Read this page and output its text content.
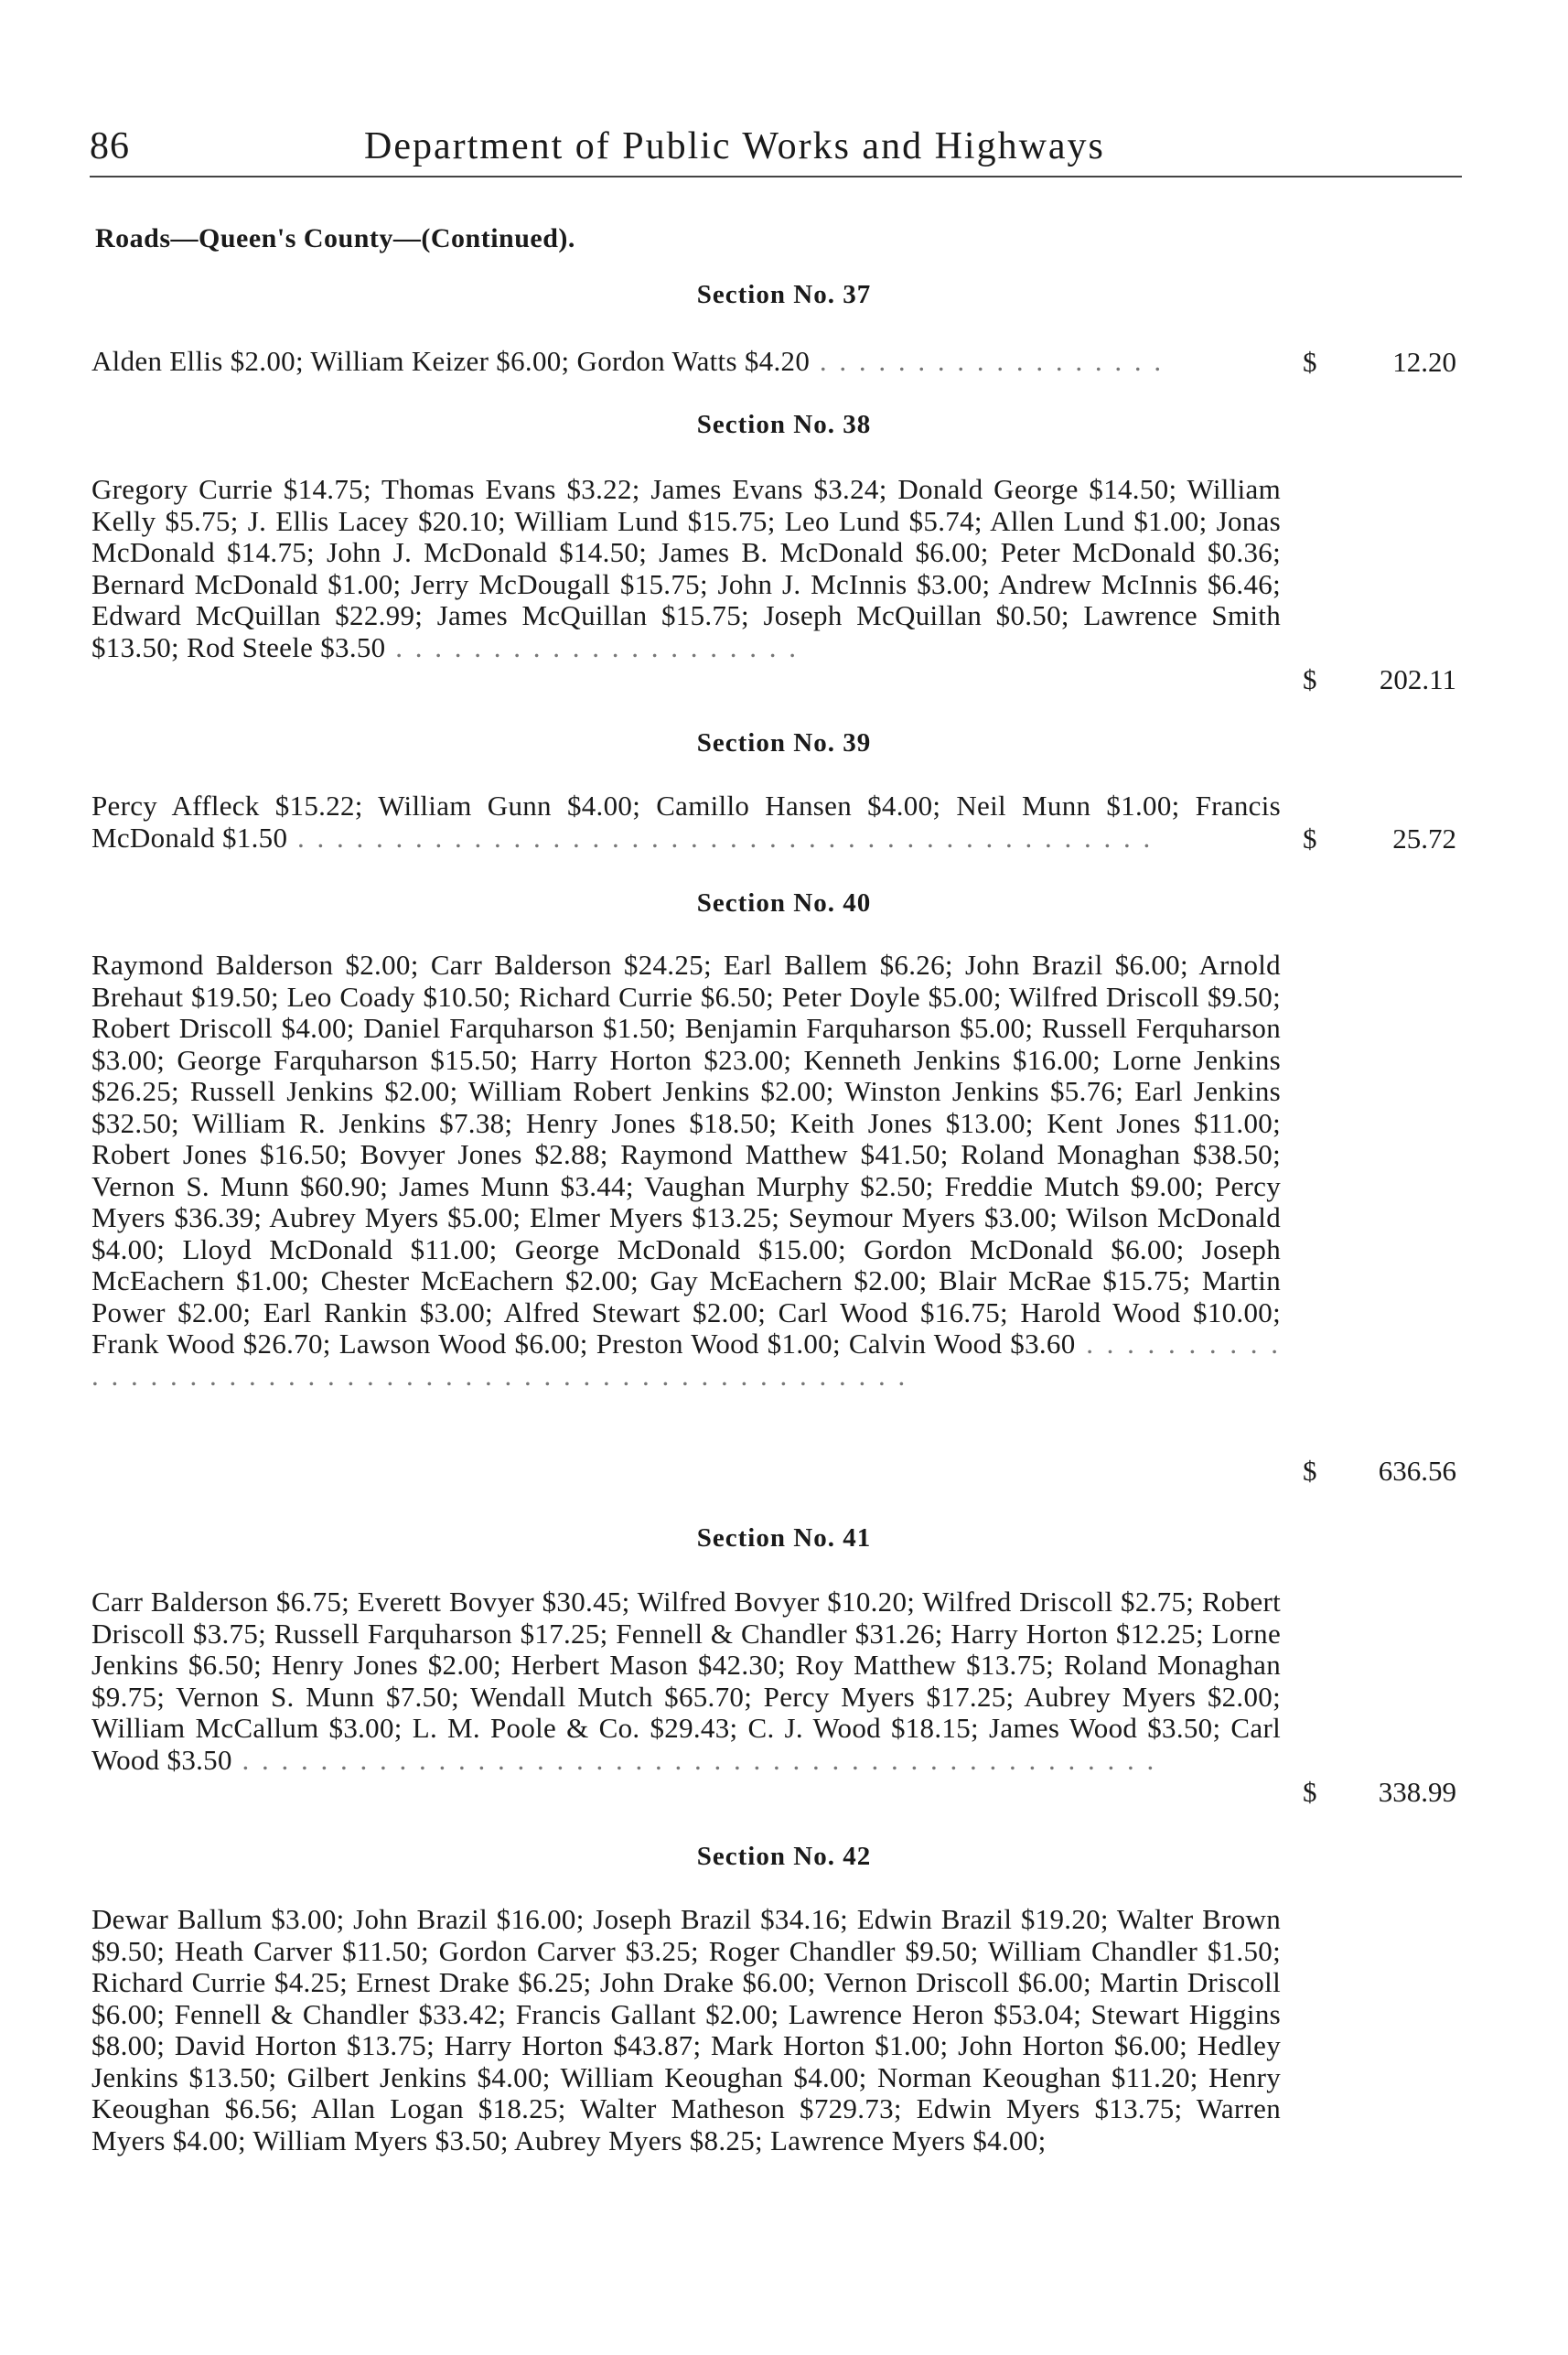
86	Department of Public Works and Highways
Roads—Queen's County—(Continued).
Section No. 37
Alden Ellis $2.00; William Keizer $6.00; Gordon Watts $4.20 . . . . . . . . . . . . . . . . . .	$	12.20
Section No. 38
Gregory Currie $14.75; Thomas Evans $3.22; James Evans $3.24; Donald George $14.50; William Kelly $5.75; J. Ellis Lacey $20.10; William Lund $15.75; Leo Lund $5.74; Allen Lund $1.00; Jonas McDonald $14.75; John J. McDonald $14.50; James B. McDonald $6.00; Peter McDonald $0.36; Bernard McDonald $1.00; Jerry McDougall $15.75; John J. McInnis $3.00; Andrew McInnis $6.46; Edward McQuillan $22.99; James McQuillan $15.75; Joseph McQuillan $0.50; Lawrence Smith $13.50; Rod Steele $3.50 . . . . . . . . . . . . . . . . . . . . .
$	202.11
Section No. 39
Percy Affleck $15.22; William Gunn $4.00; Camillo Hansen $4.00; Neil Munn $1.00; Francis McDonald $1.50 . . . . . . . . . . . . . . . . . . . . . . . . . . . . . . . . . . . . . . . . . . . .	$	25.72
Section No. 40
Raymond Balderson $2.00; Carr Balderson $24.25; Earl Ballem $6.26; John Brazil $6.00; Arnold Brehaut $19.50; Leo Coady $10.50; Richard Currie $6.50; Peter Doyle $5.00; Wilfred Driscoll $9.50; Robert Driscoll $4.00; Daniel Farquharson $1.50; Benjamin Farquharson $5.00; Russell Ferquharson $3.00; George Farquharson $15.50; Harry Horton $23.00; Kenneth Jenkins $16.00; Lorne Jenkins $26.25; Russell Jenkins $2.00; William Robert Jenkins $2.00; Winston Jenkins $5.76; Earl Jenkins $32.50; William R. Jenkins $7.38; Henry Jones $18.50; Keith Jones $13.00; Kent Jones $11.00; Robert Jones $16.50; Bovyer Jones $2.88; Raymond Matthew $41.50; Roland Monaghan $38.50; Vernon S. Munn $60.90; James Munn $3.44; Vaughan Murphy $2.50; Freddie Mutch $9.00; Percy Myers $36.39; Aubrey Myers $5.00; Elmer Myers $13.25; Seymour Myers $3.00; Wilson McDonald $4.00; Lloyd McDonald $11.00; George McDonald $15.00; Gordon McDonald $6.00; Joseph McEachern $1.00; Chester McEachern $2.00; Gay McEachern $2.00; Blair McRae $15.75; Martin Power $2.00; Earl Rankin $3.00; Alfred Stewart $2.00; Carl Wood $16.75; Harold Wood $10.00; Frank Wood $26.70; Lawson Wood $6.00; Preston Wood $1.00; Calvin Wood $3.60 . . . . . . . . . . . . . . . . . . . . . . . . . . . . . . . . . . . . . . . . . . . . . . . . . . . .
$	636.56
Section No. 41
Carr Balderson $6.75; Everett Bovyer $30.45; Wilfred Bovyer $10.20; Wilfred Driscoll $2.75; Robert Driscoll $3.75; Russell Farquharson $17.25; Fennell & Chandler $31.26; Harry Horton $12.25; Lorne Jenkins $6.50; Henry Jones $2.00; Herbert Mason $42.30; Roy Matthew $13.75; Roland Monaghan $9.75; Vernon S. Munn $7.50; Wendall Mutch $65.70; Percy Myers $17.25; Aubrey Myers $2.00; William McCallum $3.00; L. M. Poole & Co. $29.43; C. J. Wood $18.15; James Wood $3.50; Carl Wood $3.50 . . . . . . . . . . . . . . . . . . . . . . . . . . . . . . . . . . . . . . . . . . . . . . .
$	338.99
Section No. 42
Dewar Ballum $3.00; John Brazil $16.00; Joseph Brazil $34.16; Edwin Brazil $19.20; Walter Brown $9.50; Heath Carver $11.50; Gordon Carver $3.25; Roger Chandler $9.50; William Chandler $1.50; Richard Currie $4.25; Ernest Drake $6.25; John Drake $6.00; Vernon Driscoll $6.00; Martin Driscoll $6.00; Fennell & Chandler $33.42; Francis Gallant $2.00; Lawrence Heron $53.04; Stewart Higgins $8.00; David Horton $13.75; Harry Horton $43.87; Mark Horton $1.00; John Horton $6.00; Hedley Jenkins $13.50; Gilbert Jenkins $4.00; William Keoughan $4.00; Norman Keoughan $11.20; Henry Keoughan $6.56; Allan Logan $18.25; Walter Matheson $729.73; Edwin Myers $13.75; Warren Myers $4.00; William Myers $3.50; Aubrey Myers $8.25; Lawrence Myers $4.00;
